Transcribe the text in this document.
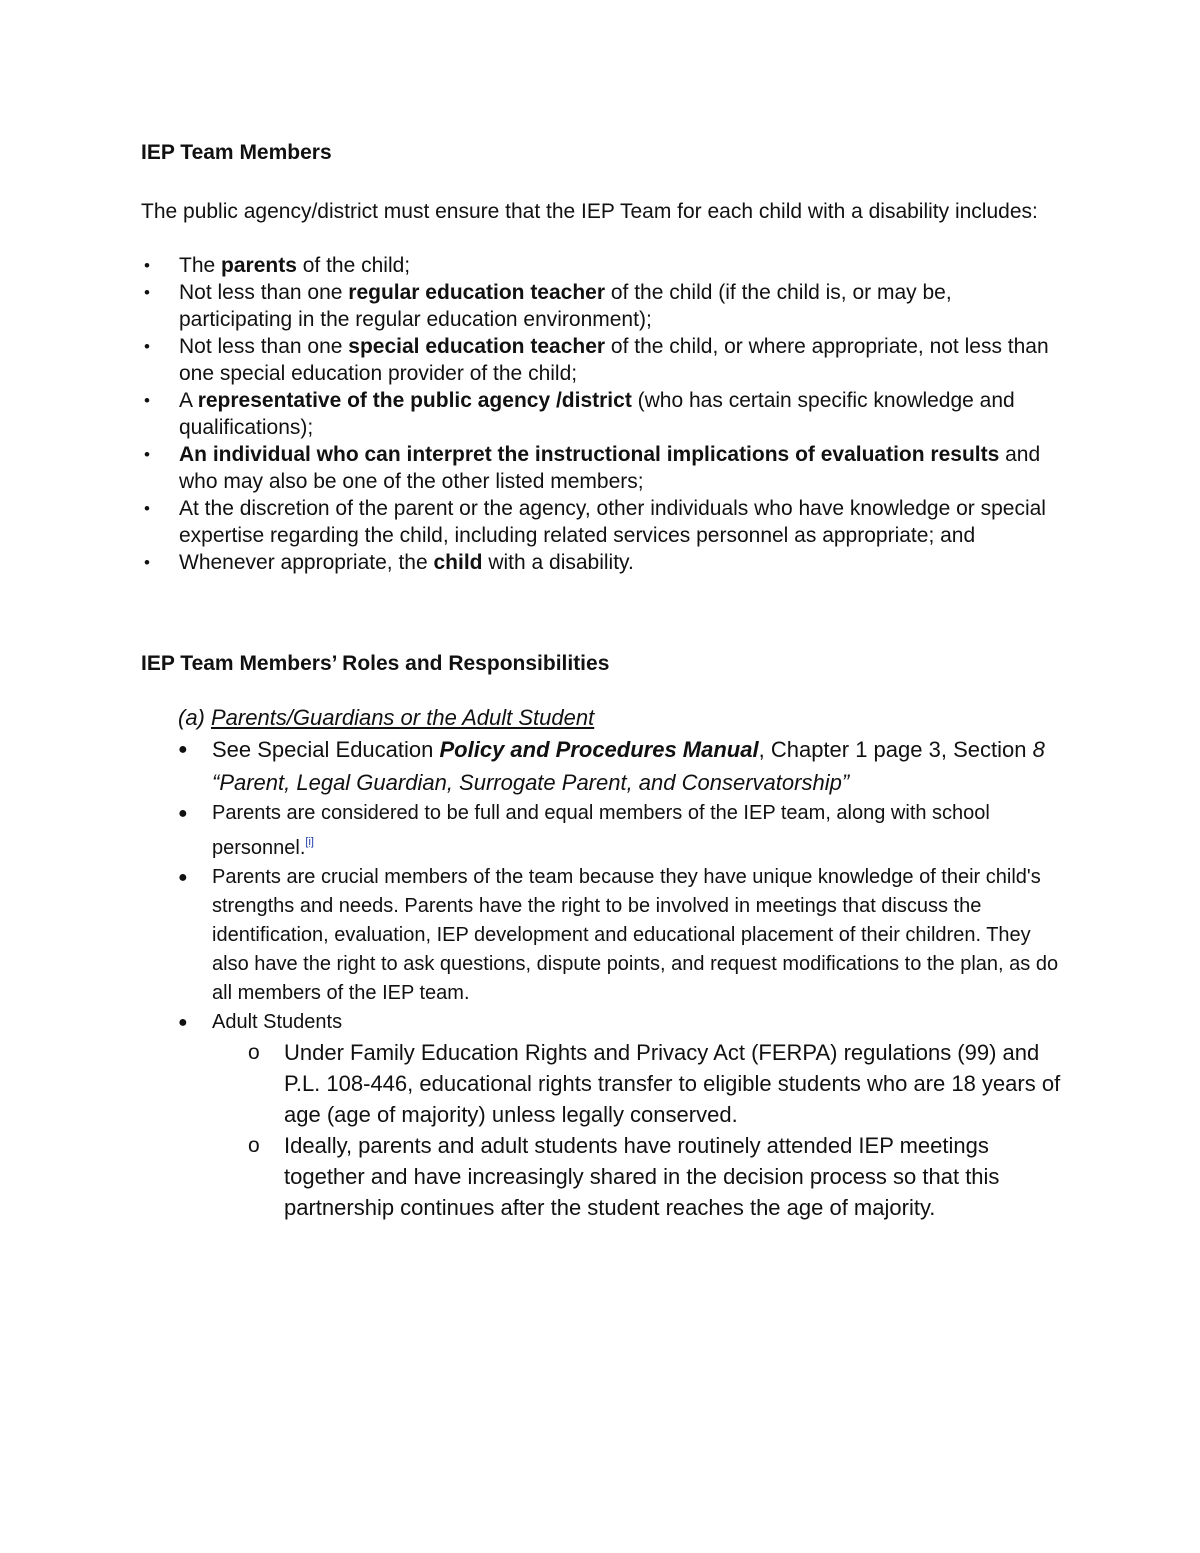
IEP Team Members

The public agency/district must ensure that the IEP Team for each child with a disability includes:

• The parents of the child;
• Not less than one regular education teacher of the child (if the child is, or may be, participating in the regular education environment);
• Not less than one special education teacher of the child, or where appropriate, not less than one special education provider of the child;
• A representative of the public agency /district (who has certain specific knowledge and qualifications);
• An individual who can interpret the instructional implications of evaluation results and who may also be one of the other listed members;
• At the discretion of the parent or the agency, other individuals who have knowledge or special expertise regarding the child, including related services personnel as appropriate; and
• Whenever appropriate, the child with a disability.
IEP Team Members’ Roles and Responsibilities

(a) Parents/Guardians or the Adult Student

● See Special Education Policy and Procedures Manual, Chapter 1 page 3, Section 8 “Parent, Legal Guardian, Surrogate Parent, and Conservatorship”
● Parents are considered to be full and equal members of the IEP team, along with school personnel.[i]
● Parents are crucial members of the team because they have unique knowledge of their child's strengths and needs. Parents have the right to be involved in meetings that discuss the identification, evaluation, IEP development and educational placement of their children. They also have the right to ask questions, dispute points, and request modifications to the plan, as do all members of the IEP team.
● Adult Students
o Under Family Education Rights and Privacy Act (FERPA) regulations (99) and P.L. 108-446, educational rights transfer to eligible students who are 18 years of age (age of majority) unless legally conserved.
o Ideally, parents and adult students have routinely attended IEP meetings together and have increasingly shared in the decision process so that this partnership continues after the student reaches the age of majority.
